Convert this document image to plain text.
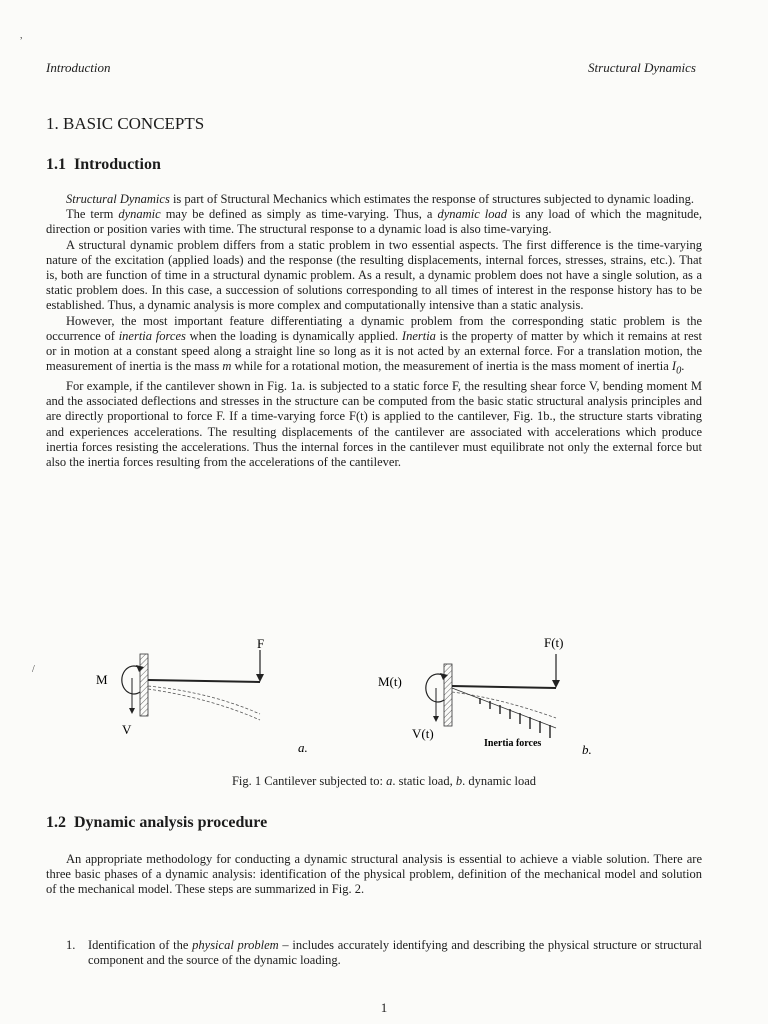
,
/
Introduction	Structural Dynamics
1. BASIC CONCEPTS
1.1 Introduction

Structural Dynamics is part of Structural Mechanics which estimates the response of structures subjected to dynamic loading.

The term dynamic may be defined as simply as time-varying. Thus, a dynamic load is any load of which the magnitude, direction or position varies with time. The structural response to a dynamic load is also time-varying.

A structural dynamic problem differs from a static problem in two essential aspects. The first difference is the time-varying nature of the excitation (applied loads) and the response (the resulting displacements, internal forces, stresses, strains, etc.). That is, both are function of time in a structural dynamic problem. As a result, a dynamic problem does not have a single solution, as a static problem does. In this case, a succession of solutions corresponding to all times of interest in the response history has to be established. Thus, a dynamic analysis is more complex and computationally intensive than a static analysis.

However, the most important feature differentiating a dynamic problem from the corresponding static problem is the occurrence of inertia forces when the loading is dynamically applied. Inertia is the property of matter by which it remains at rest or in motion at a constant speed along a straight line so long as it is not acted by an external force. For a translation motion, the measurement of inertia is the mass m while for a rotational motion, the measurement of inertia is the mass moment of inertia $I_0$.

For example, if the cantilever shown in Fig. 1a. is subjected to a static force F, the resulting shear force V, bending moment M and the associated deflections and stresses in the structure can be computed from the basic static structural analysis principles and are directly proportional to force F. If a time-varying force F(t) is applied to the cantilever, Fig. 1b., the structure starts vibrating and experiences accelerations. The resulting displacements of the cantilever are associated with accelerations which produce inertia forces resisting the accelerations. Thus the internal forces in the cantilever must equilibrate not only the external force but also the inertia forces resulting from the accelerations of the cantilever.

F
M
V
a.
F(t)
M(t)
V(t)
Inertia forces	b.
Fig. 1 Cantilever subjected to: a. static load, b. dynamic load
1.2 Dynamic analysis procedure

An appropriate methodology for conducting a dynamic structural analysis is essential to achieve a viable solution. There are three basic phases of a dynamic analysis: identification of the physical problem, definition of the mechanical model and solution of the mechanical model. These steps are summarized in Fig. 2.

1.	Identification of the physical problem – includes accurately identifying and describing the physical structure or structural component and the source of the dynamic loading.
1
